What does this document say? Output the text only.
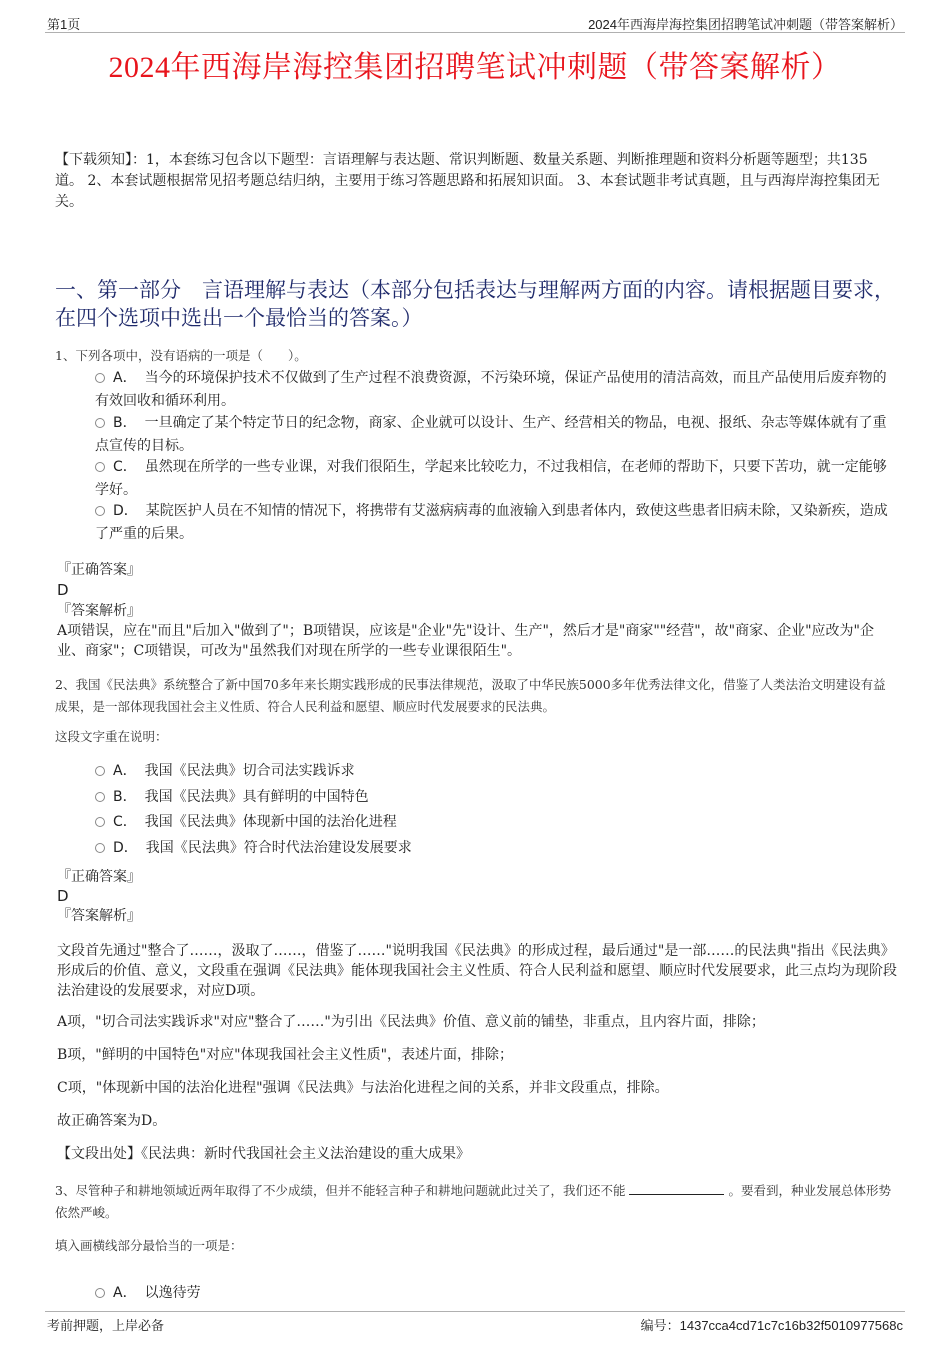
第1页	2024年西海岸海控集团招聘笔试冲刺题（带答案解析）
2024年西海岸海控集团招聘笔试冲刺题（带答案解析）
【下载须知】：1，本套练习包含以下题型：言语理解与表达题、常识判断题、数量关系题、判断推理题和资料分析题等题型；共135道。 2、本套试题根据常见招考题总结归纳，主要用于练习答题思路和拓展知识面。 3、本套试题非考试真题，且与西海岸海控集团无关。
一、第一部分　言语理解与表达（本部分包括表达与理解两方面的内容。请根据题目要求，在四个选项中选出一个最恰当的答案。）
1、下列各项中，没有语病的一项是（　　）。
A． 当今的环境保护技术不仅做到了生产过程不浪费资源，不污染环境，保证产品使用的清洁高效，而且产品使用后废弃物的有效回收和循环利用。
B． 一旦确定了某个特定节日的纪念物，商家、企业就可以设计、生产、经营相关的物品，电视、报纸、杂志等媒体就有了重点宣传的目标。
C． 虽然现在所学的一些专业课，对我们很陌生，学起来比较吃力，不过我相信，在老师的帮助下，只要下苦功，就一定能够学好。
D． 某院医护人员在不知情的情况下，将携带有艾滋病病毒的血液输入到患者体内，致使这些患者旧病未除，又染新疾，造成了严重的后果。
『正确答案』
D
『答案解析』
A项错误，应在"而且"后加入"做到了"；B项错误，应该是"企业"先"设计、生产"，然后才是"商家""经营"，故"商家、企业"应改为"企业、商家"；C项错误，可改为"虽然我们对现在所学的一些专业课很陌生"。
2、我国《民法典》系统整合了新中国70多年来长期实践形成的民事法律规范，汲取了中华民族5000多年优秀法律文化，借鉴了人类法治文明建设有益成果，是一部体现我国社会主义性质、符合人民利益和愿望、顺应时代发展要求的民法典。
这段文字重在说明：
A． 我国《民法典》切合司法实践诉求
B． 我国《民法典》具有鲜明的中国特色
C． 我国《民法典》体现新中国的法治化进程
D． 我国《民法典》符合时代法治建设发展要求
『正确答案』
D
『答案解析』
文段首先通过"整合了……，汲取了……，借鉴了……"说明我国《民法典》的形成过程，最后通过"是一部……的民法典"指出《民法典》形成后的价值、意义，文段重在强调《民法典》能体现我国社会主义性质、符合人民利益和愿望、顺应时代发展要求，此三点均为现阶段法治建设的发展要求，对应D项。
A项，"切合司法实践诉求"对应"整合了……"为引出《民法典》价值、意义前的铺垫，非重点，且内容片面，排除；
B项，"鲜明的中国特色"对应"体现我国社会主义性质"，表述片面，排除；
C项，"体现新中国的法治化进程"强调《民法典》与法治化进程之间的关系，并非文段重点，排除。
故正确答案为D。
【文段出处】《民法典：新时代我国社会主义法治建设的重大成果》
3、尽管种子和耕地领域近两年取得了不少成绩，但并不能轻言种子和耕地问题就此过关了，我们还不能	。要看到，种业发展总体形势依然严峻。
填入画横线部分最恰当的一项是：
A． 以逸待劳
考前押题，上岸必备	编号：1437cca4cd71c7c16b32f5010977568c
